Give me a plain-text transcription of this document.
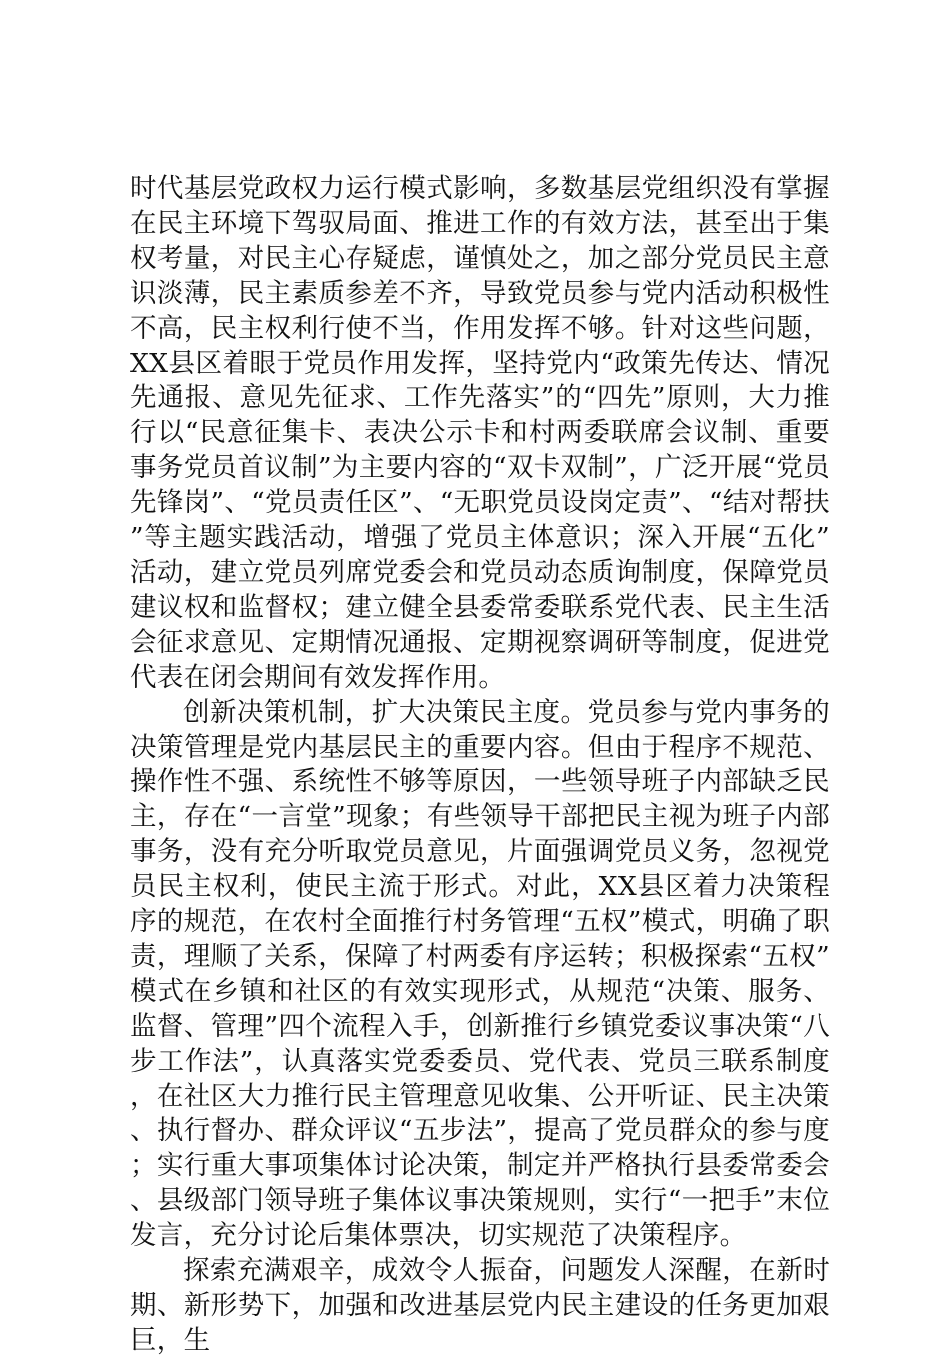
时代基层党政权力运行模式影响，多数基层党组织没有掌握在民主环境下驾驭局面、推进工作的有效方法，甚至出于集权考量，对民主心存疑虑，谨慎处之，加之部分党员民主意识淡薄，民主素质参差不齐，导致党员参与党内活动积极性不高，民主权利行使不当，作用发挥不够。针对这些问题，XX县区着眼于党员作用发挥，坚持党内“政策先传达、情况先通报、意见先征求、工作先落实”的“四先”原则，大力推行以“民意征集卡、表决公示卡和村两委联席会议制、重要事务党员首议制”为主要内容的“双卡双制”，广泛开展“党员先锋岗”、“党员责任区”、“无职党员设岗定责”、“结对帮扶”等主题实践活动，增强了党员主体意识；深入开展“五化”活动，建立党员列席党委会和党员动态质询制度，保障党员建议权和监督权；建立健全县委常委联系党代表、民主生活会征求意见、定期情况通报、定期视察调研等制度，促进党代表在闭会期间有效发挥作用。

创新决策机制，扩大决策民主度。党员参与党内事务的决策管理是党内基层民主的重要内容。但由于程序不规范、操作性不强、系统性不够等原因，一些领导班子内部缺乏民主，存在“一言堂”现象；有些领导干部把民主视为班子内部事务，没有充分听取党员意见，片面强调党员义务，忽视党员民主权利，使民主流于形式。对此，XX县区着力决策程序的规范，在农村全面推行村务管理“五权”模式，明确了职责，理顺了关系，保障了村两委有序运转；积极探索“五权”模式在乡镇和社区的有效实现形式，从规范“决策、服务、监督、管理”四个流程入手，创新推行乡镇党委议事决策“八步工作法”，认真落实党委委员、党代表、党员三联系制度，在社区大力推行民主管理意见收集、公开听证、民主决策、执行督办、群众评议“五步法”，提高了党员群众的参与度；实行重大事项集体讨论决策，制定并严格执行县委常委会、县级部门领导班子集体议事决策规则，实行“一把手”末位发言，充分讨论后集体票决，切实规范了决策程序。

探索充满艰辛，成效令人振奋，问题发人深醒，在新时期、新形势下，加强和改进基层党内民主建设的任务更加艰巨，生
